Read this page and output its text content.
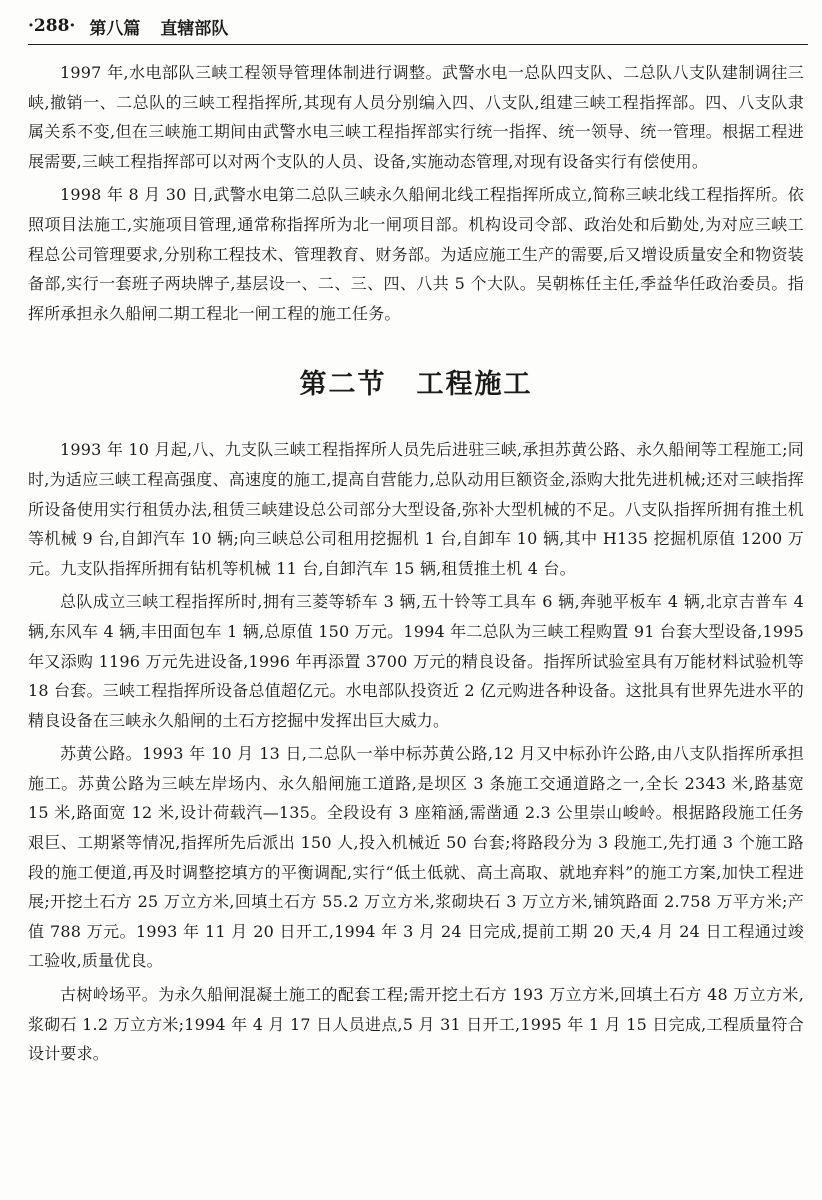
·288· 第八篇 直辖部队

1997 年,水电部队三峡工程领导管理体制进行调整。武警水电一总队四支队、二总队八支队建制调往三峡,撤销一、二总队的三峡工程指挥所,其现有人员分别编入四、八支队,组建三峡工程指挥部。四、八支队隶属关系不变,但在三峡施工期间由武警水电三峡工程指挥部实行统一指挥、统一领导、统一管理。根据工程进展需要,三峡工程指挥部可以对两个支队的人员、设备,实施动态管理,对现有设备实行有偿使用。

1998 年 8 月 30 日,武警水电第二总队三峡永久船闸北线工程指挥所成立,简称三峡北线工程指挥所。依照项目法施工,实施项目管理,通常称指挥所为北一闸项目部。机构设司令部、政治处和后勤处,为对应三峡工程总公司管理要求,分别称工程技术、管理教育、财务部。为适应施工生产的需要,后又增设质量安全和物资装备部,实行一套班子两块牌子,基层设一、二、三、四、八共 5 个大队。吴朝栋任主任,季益华任政治委员。指挥所承担永久船闸二期工程北一闸工程的施工任务。

第二节 工程施工

1993 年 10 月起,八、九支队三峡工程指挥所人员先后进驻三峡,承担苏黄公路、永久船闸等工程施工;同时,为适应三峡工程高强度、高速度的施工,提高自营能力,总队动用巨额资金,添购大批先进机械;还对三峡指挥所设备使用实行租赁办法,租赁三峡建设总公司部分大型设备,弥补大型机械的不足。八支队指挥所拥有推土机等机械 9 台,自卸汽车 10 辆;向三峡总公司租用挖掘机 1 台,自卸车 10 辆,其中 H135 挖掘机原值 1200 万元。九支队指挥所拥有钻机等机械 11 台,自卸汽车 15 辆,租赁推土机 4 台。

总队成立三峡工程指挥所时,拥有三菱等轿车 3 辆,五十铃等工具车 6 辆,奔驰平板车 4 辆,北京吉普车 4 辆,东风车 4 辆,丰田面包车 1 辆,总原值 150 万元。1994 年二总队为三峡工程购置 91 台套大型设备,1995 年又添购 1196 万元先进设备,1996 年再添置 3700 万元的精良设备。指挥所试验室具有万能材料试验机等 18 台套。三峡工程指挥所设备总值超亿元。水电部队投资近 2 亿元购进各种设备。这批具有世界先进水平的精良设备在三峡永久船闸的土石方挖掘中发挥出巨大威力。

苏黄公路。1993 年 10 月 13 日,二总队一举中标苏黄公路,12 月又中标孙许公路,由八支队指挥所承担施工。苏黄公路为三峡左岸场内、永久船闸施工道路,是坝区 3 条施工交通道路之一,全长 2343 米,路基宽 15 米,路面宽 12 米,设计荷载汽—135。全段设有 3 座箱涵,需凿通 2.3 公里崇山峻岭。根据路段施工任务艰巨、工期紧等情况,指挥所先后派出 150 人,投入机械近 50 台套;将路段分为 3 段施工,先打通 3 个施工路段的施工便道,再及时调整挖填方的平衡调配,实行“低土低就、高土高取、就地弃料”的施工方案,加快工程进展;开挖土石方 25 万立方米,回填土石方 55.2 万立方米,浆砌块石 3 万立方米,铺筑路面 2.758 万平方米;产值 788 万元。1993 年 11 月 20 日开工,1994 年 3 月 24 日完成,提前工期 20 天,4 月 24 日工程通过竣工验收,质量优良。

古树岭场平。为永久船闸混凝土施工的配套工程;需开挖土石方 193 万立方米,回填土石方 48 万立方米,浆砌石 1.2 万立方米;1994 年 4 月 17 日人员进点,5 月 31 日开工,1995 年 1 月 15 日完成,工程质量符合设计要求。
